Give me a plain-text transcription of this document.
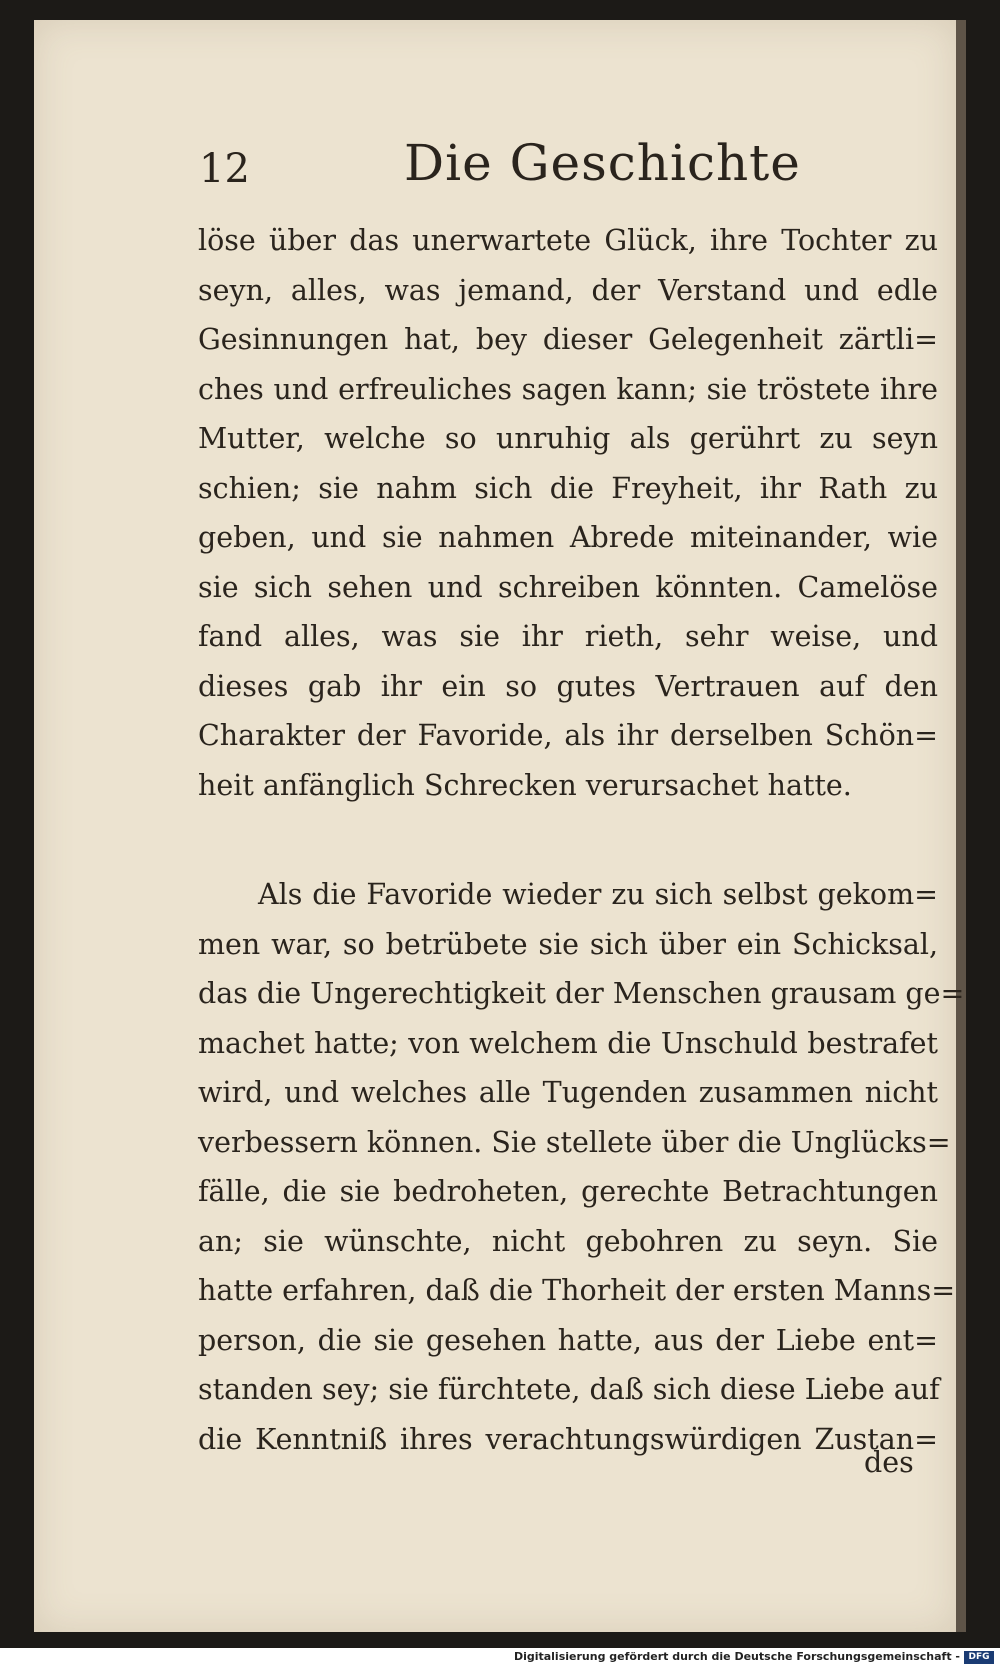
12	Die Geschichte
löse über das unerwartete Glück, ihre Tochter zu
seyn, alles, was jemand, der Verstand und edle
Gesinnungen hat, bey dieser Gelegenheit zärtli=
ches und erfreuliches sagen kann; sie tröstete ihre
Mutter, welche so unruhig als gerührt zu seyn
schien; sie nahm sich die Freyheit, ihr Rath zu
geben, und sie nahmen Abrede miteinander, wie
sie sich sehen und schreiben könnten. Camelöse
fand alles, was sie ihr rieth, sehr weise, und
dieses gab ihr ein so gutes Vertrauen auf den
Charakter der Favoride, als ihr derselben Schön=
heit anfänglich Schrecken verursachet hatte.
Als die Favoride wieder zu sich selbst gekom=
men war, so betrübete sie sich über ein Schicksal,
das die Ungerechtigkeit der Menschen grausam ge=
machet hatte; von welchem die Unschuld bestrafet
wird, und welches alle Tugenden zusammen nicht
verbessern können. Sie stellete über die Unglücks=
fälle, die sie bedroheten, gerechte Betrachtungen
an; sie wünschte, nicht gebohren zu seyn. Sie
hatte erfahren, daß die Thorheit der ersten Manns=
person, die sie gesehen hatte, aus der Liebe ent=
standen sey; sie fürchtete, daß sich diese Liebe auf
die Kenntniß ihres verachtungswürdigen Zustan=
des
Digitalisierung gefördert durch die Deutsche Forschungsgemeinschaft - DFG
